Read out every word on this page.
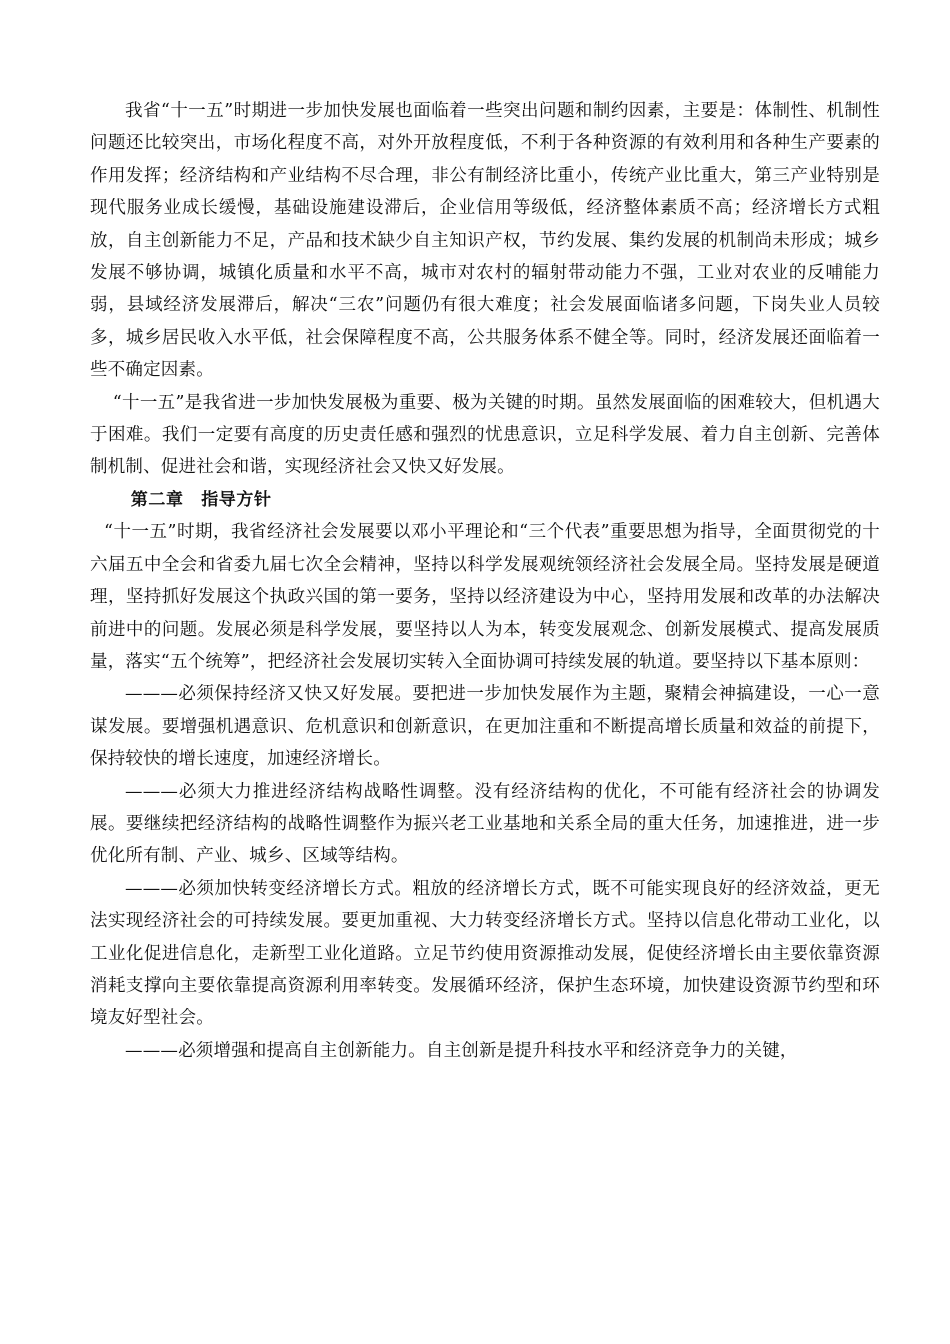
我省“十一五”时期进一步加快发展也面临着一些突出问题和制约因素，主要是：体制性、机制性问题还比较突出，市场化程度不高，对外开放程度低，不利于各种资源的有效利用和各种生产要素的作用发挥；经济结构和产业结构不尽合理，非公有制经济比重小，传统产业比重大，第三产业特别是现代服务业成长缓慢，基础设施建设滞后，企业信用等级低，经济整体素质不高；经济增长方式粗放，自主创新能力不足，产品和技术缺少自主知识产权，节约发展、集约发展的机制尚未形成；城乡发展不够协调，城镇化质量和水平不高，城市对农村的辐射带动能力不强，工业对农业的反哺能力弱，县域经济发展滞后，解决“三农”问题仍有很大难度；社会发展面临诸多问题，下岗失业人员较多，城乡居民收入水平低，社会保障程度不高，公共服务体系不健全等。同时，经济发展还面临着一些不确定因素。

“十一五”是我省进一步加快发展极为重要、极为关键的时期。虽然发展面临的困难较大，但机遇大于困难。我们一定要有高度的历史责任感和强烈的忧患意识，立足科学发展、着力自主创新、完善体制机制、促进社会和谐，实现经济社会又快又好发展。

第二章　指导方针

“十一五”时期，我省经济社会发展要以邓小平理论和“三个代表”重要思想为指导，全面贯彻党的十六届五中全会和省委九届七次全会精神，坚持以科学发展观统领经济社会发展全局。坚持发展是硬道理，坚持抓好发展这个执政兴国的第一要务，坚持以经济建设为中心，坚持用发展和改革的办法解决前进中的问题。发展必须是科学发展，要坚持以人为本，转变发展观念、创新发展模式、提高发展质量，落实“五个统筹”，把经济社会发展切实转入全面协调可持续发展的轨道。要坚持以下基本原则：

———必须保持经济又快又好发展。要把进一步加快发展作为主题，聚精会神搞建设，一心一意谋发展。要增强机遇意识、危机意识和创新意识，在更加注重和不断提高增长质量和效益的前提下，保持较快的增长速度，加速经济增长。

———必须大力推进经济结构战略性调整。没有经济结构的优化，不可能有经济社会的协调发展。要继续把经济结构的战略性调整作为振兴老工业基地和关系全局的重大任务，加速推进，进一步优化所有制、产业、城乡、区域等结构。

———必须加快转变经济增长方式。粗放的经济增长方式，既不可能实现良好的经济效益，更无法实现经济社会的可持续发展。要更加重视、大力转变经济增长方式。坚持以信息化带动工业化，以工业化促进信息化，走新型工业化道路。立足节约使用资源推动发展，促使经济增长由主要依靠资源消耗支撑向主要依靠提高资源利用率转变。发展循环经济，保护生态环境，加快建设资源节约型和环境友好型社会。

———必须增强和提高自主创新能力。自主创新是提升科技水平和经济竞争力的关键，
